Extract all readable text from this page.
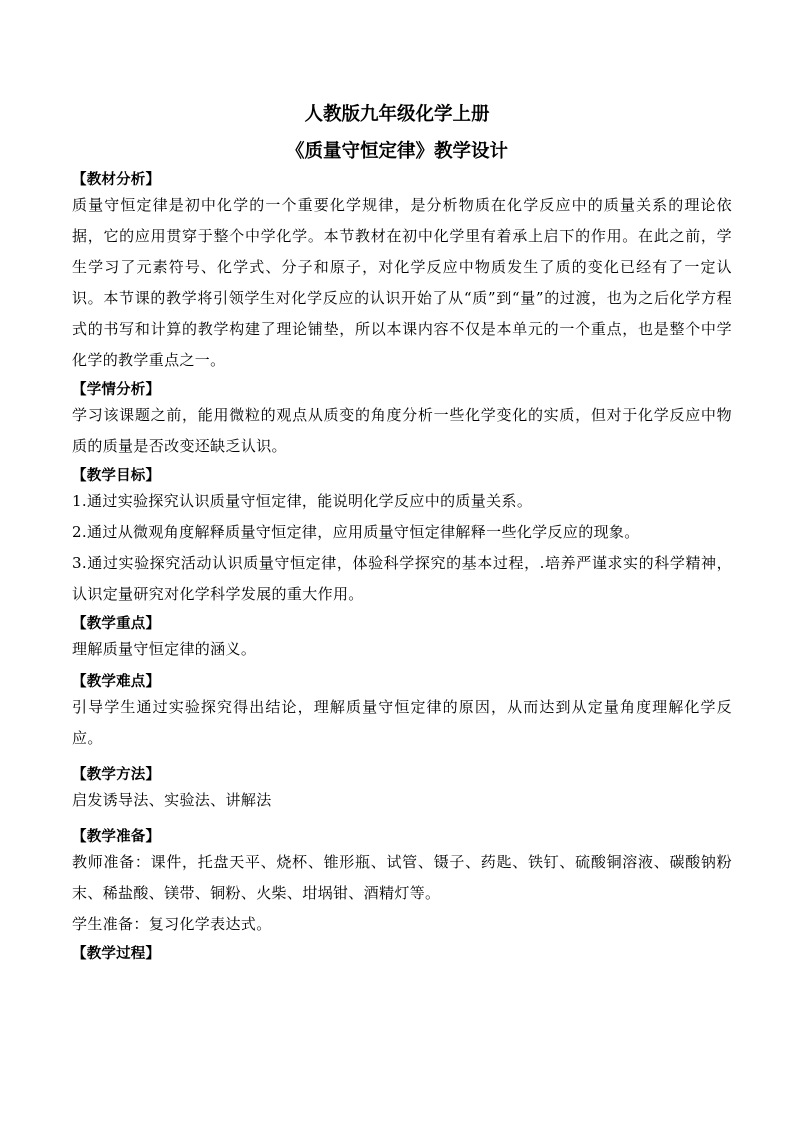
人教版九年级化学上册
《质量守恒定律》教学设计
【教材分析】

质量守恒定律是初中化学的一个重要化学规律，是分析物质在化学反应中的质量关系的理论依据，它的应用贯穿于整个中学化学。本节教材在初中化学里有着承上启下的作用。在此之前，学生学习了元素符号、化学式、分子和原子，对化学反应中物质发生了质的变化已经有了一定认识。本节课的教学将引领学生对化学反应的认识开始了从“质”到“量”的过渡，也为之后化学方程式的书写和计算的教学构建了理论铺垫，所以本课内容不仅是本单元的一个重点，也是整个中学化学的教学重点之一。

【学情分析】

学习该课题之前，能用微粒的观点从质变的角度分析一些化学变化的实质，但对于化学反应中物质的质量是否改变还缺乏认识。

【教学目标】

1.通过实验探究认识质量守恒定律，能说明化学反应中的质量关系。

2.通过从微观角度解释质量守恒定律，应用质量守恒定律解释一些化学反应的现象。

3.通过实验探究活动认识质量守恒定律，体验科学探究的基本过程，.培养严谨求实的科学精神，认识定量研究对化学科学发展的重大作用。

【教学重点】

理解质量守恒定律的涵义。

【教学难点】

引导学生通过实验探究得出结论，理解质量守恒定律的原因，从而达到从定量角度理解化学反应。

【教学方法】

启发诱导法、实验法、讲解法

【教学准备】

教师准备：课件，托盘天平、烧杯、锥形瓶、试管、镊子、药匙、铁钉、硫酸铜溶液、碳酸钠粉末、稀盐酸、镁带、铜粉、火柴、坩埚钳、酒精灯等。

学生准备：复习化学表达式。

【教学过程】
